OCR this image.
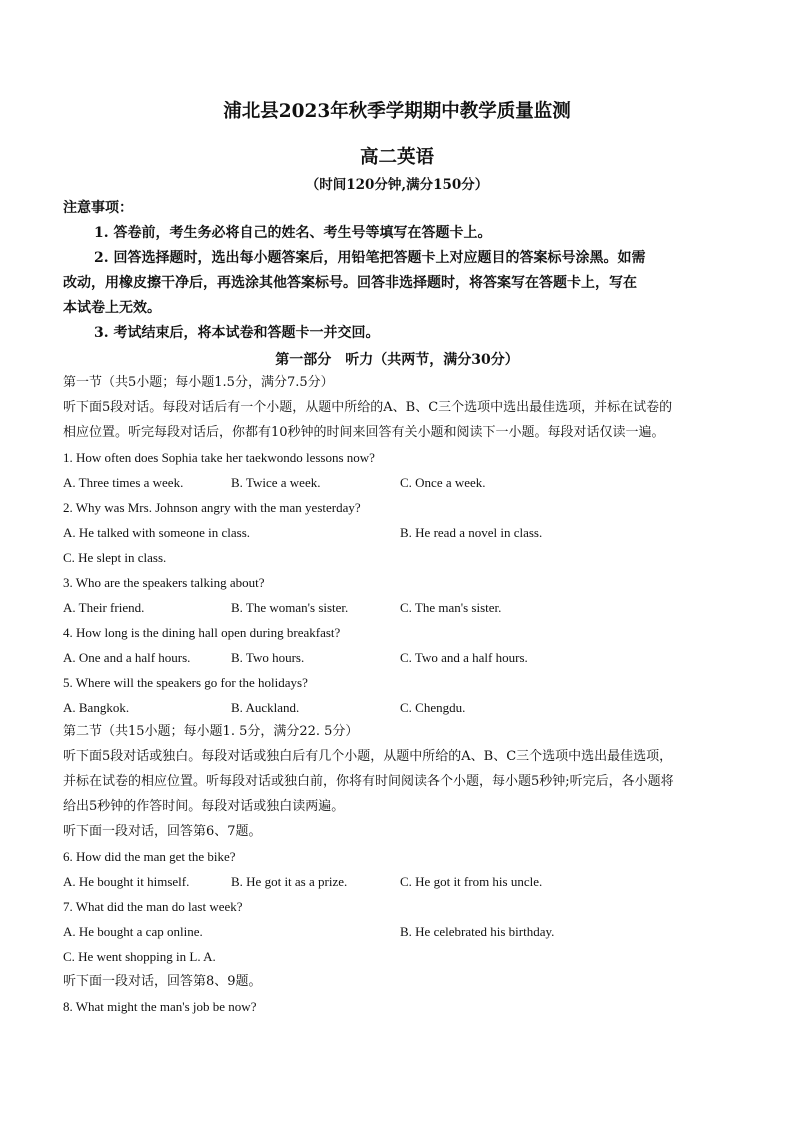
浦北县2023年秋季学期期中教学质量监测
高二英语
（时间120分钟,满分150分）
注意事项：
1. 答卷前，考生务必将自己的姓名、考生号等填写在答题卡上。
2. 回答选择题时，选出每小题答案后，用铅笔把答题卡上对应题目的答案标号涂黑。如需
改动，用橡皮擦干净后，再选涂其他答案标号。回答非选择题时，将答案写在答题卡上，写在
本试卷上无效。
3. 考试结束后，将本试卷和答题卡一并交回。
第一部分　听力（共两节，满分30分）
第一节（共5小题；每小题1.5分，满分7.5分）
听下面5段对话。每段对话后有一个小题，从题中所给的A、B、C三个选项中选出最佳选项，并标在试卷的
相应位置。听完每段对话后，你都有10秒钟的时间来回答有关小题和阅读下一小题。每段对话仅读一遍。
1. How often does Sophia take her taekwondo lessons now?
A. Three times a week.	B. Twice a week.	C. Once a week.
2. Why was Mrs. Johnson angry with the man yesterday?
A. He talked with someone in class.	B. He read a novel in class.
C. He slept in class.
3. Who are the speakers talking about?
A. Their friend.	B. The woman's sister.	C. The man's sister.
4. How long is the dining hall open during breakfast?
A. One and a half hours.	B. Two hours.	C. Two and a half hours.
5. Where will the speakers go for the holidays?
A. Bangkok.	B. Auckland.	C. Chengdu.
第二节（共15小题；每小题1. 5分，满分22. 5分）
听下面5段对话或独白。每段对话或独白后有几个小题，从题中所给的A、B、C三个选项中选出最佳选项，
并标在试卷的相应位置。听每段对话或独白前，你将有时间阅读各个小题，每小题5秒钟;听完后，各小题将
给出5秒钟的作答时间。每段对话或独白读两遍。
听下面一段对话，回答第6、7题。
6. How did the man get the bike?
A. He bought it himself.	B. He got it as a prize.	C. He got it from his uncle.
7. What did the man do last week?
A. He bought a cap online.	B. He celebrated his birthday.
C. He went shopping in L. A.
听下面一段对话，回答第8、9题。
8. What might the man's job be now?
